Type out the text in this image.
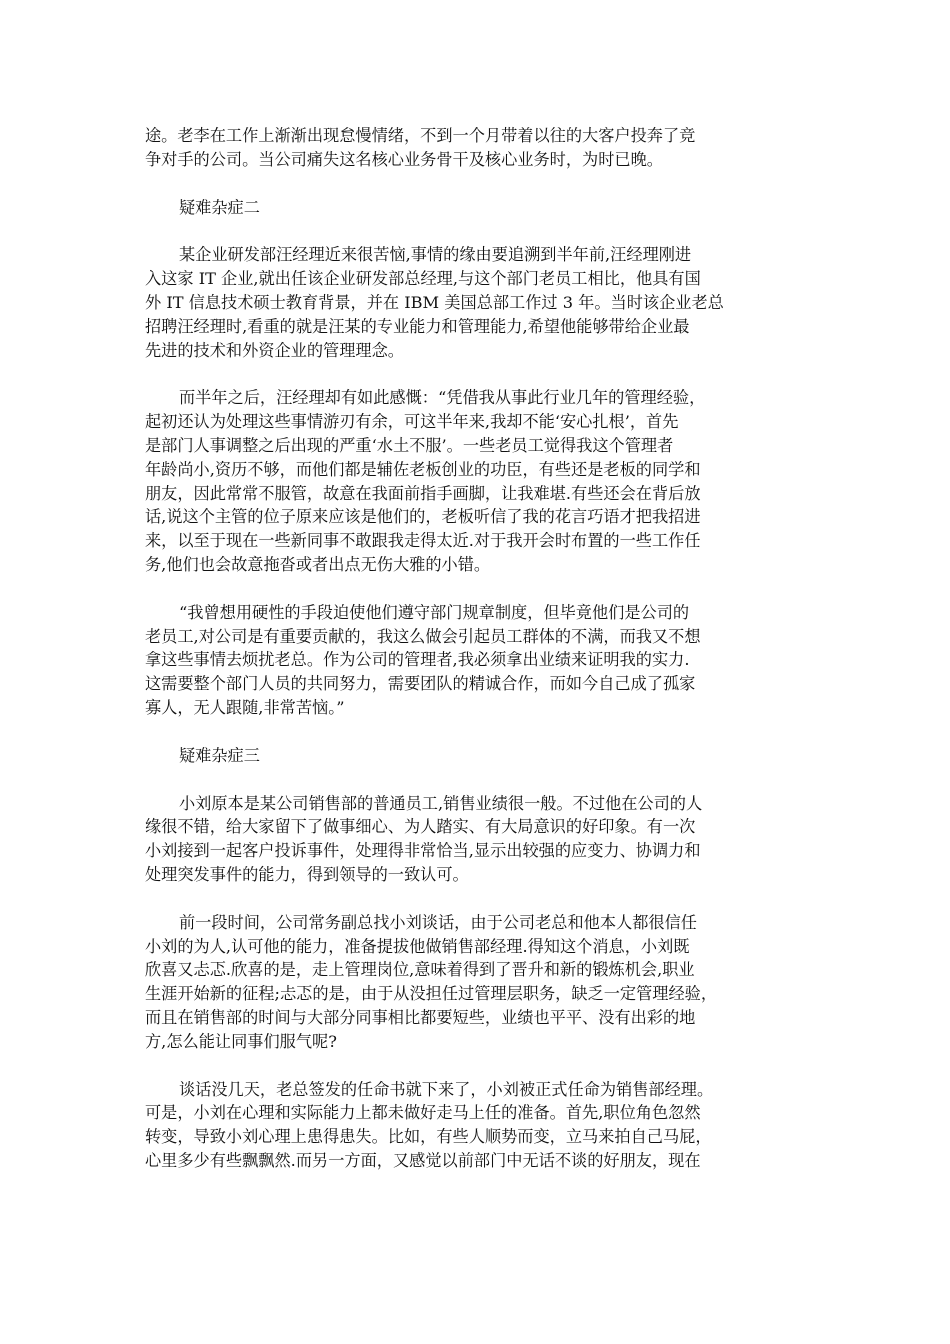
途。老李在工作上渐渐出现怠慢情绪，不到一个月带着以往的大客户投奔了竞

争对手的公司。当公司痛失这名核心业务骨干及核心业务时，为时已晚。

疑难杂症二

某企业研发部汪经理近来很苦恼,事情的缘由要追溯到半年前,汪经理刚进

入这家 IT 企业,就出任该企业研发部总经理,与这个部门老员工相比，他具有国

外 IT 信息技术硕士教育背景，并在 IBM 美国总部工作过 3 年。当时该企业老总

招聘汪经理时,看重的就是汪某的专业能力和管理能力,希望他能够带给企业最

先进的技术和外资企业的管理理念。

而半年之后，汪经理却有如此感慨：“凭借我从事此行业几年的管理经验，

起初还认为处理这些事情游刃有余，可这半年来,我却不能‘安心扎根’，首先

是部门人事调整之后出现的严重‘水土不服’。一些老员工觉得我这个管理者

年龄尚小,资历不够，而他们都是辅佐老板创业的功臣，有些还是老板的同学和

朋友，因此常常不服管，故意在我面前指手画脚，让我难堪.有些还会在背后放

话,说这个主管的位子原来应该是他们的，老板听信了我的花言巧语才把我招进

来，以至于现在一些新同事不敢跟我走得太近.对于我开会时布置的一些工作任

务,他们也会故意拖沓或者出点无伤大雅的小错。

“我曾想用硬性的手段迫使他们遵守部门规章制度，但毕竟他们是公司的

老员工,对公司是有重要贡献的，我这么做会引起员工群体的不满，而我又不想

拿这些事情去烦扰老总。作为公司的管理者,我必须拿出业绩来证明我的实力.

这需要整个部门人员的共同努力，需要团队的精诚合作，而如今自己成了孤家

寡人，无人跟随,非常苦恼。”

疑难杂症三

小刘原本是某公司销售部的普通员工,销售业绩很一般。不过他在公司的人

缘很不错，给大家留下了做事细心、为人踏实、有大局意识的好印象。有一次

小刘接到一起客户投诉事件，处理得非常恰当,显示出较强的应变力、协调力和

处理突发事件的能力，得到领导的一致认可。

前一段时间，公司常务副总找小刘谈话，由于公司老总和他本人都很信任

小刘的为人,认可他的能力，准备提拔他做销售部经理.得知这个消息，小刘既

欣喜又忐忑.欣喜的是，走上管理岗位,意味着得到了晋升和新的锻炼机会,职业

生涯开始新的征程;忐忑的是，由于从没担任过管理层职务，缺乏一定管理经验，

而且在销售部的时间与大部分同事相比都要短些，业绩也平平、没有出彩的地

方,怎么能让同事们服气呢?

谈话没几天，老总签发的任命书就下来了，小刘被正式任命为销售部经理。

可是，小刘在心理和实际能力上都未做好走马上任的准备。首先,职位角色忽然

转变，导致小刘心理上患得患失。比如，有些人顺势而变，立马来拍自己马屁，

心里多少有些飘飘然.而另一方面，又感觉以前部门中无话不谈的好朋友，现在
